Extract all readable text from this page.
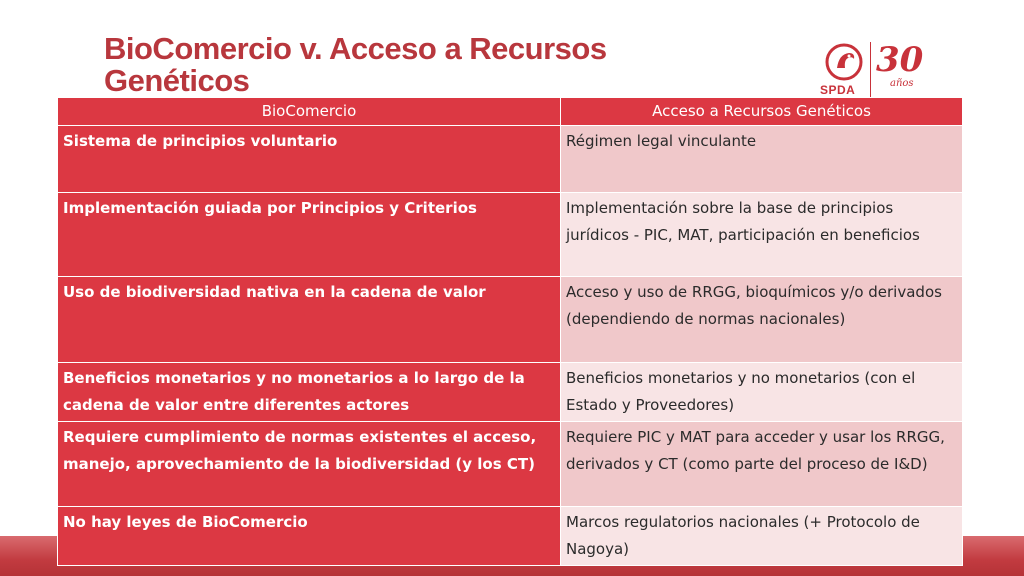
BioComercio v. Acceso a Recursos Genéticos	SPDA
30
años
BioComercio	Acceso a Recursos Genéticos
Sistema de principios voluntario	Régimen legal vinculante
Implementación guiada por Principios y Criterios	Implementación sobre la base de principios jurídicos - PIC, MAT, participación en beneficios
Uso de biodiversidad nativa en la cadena de valor	Acceso y uso de RRGG, bioquímicos y/o derivados (dependiendo de normas nacionales)
Beneficios monetarios y no monetarios a lo largo de la cadena de valor entre diferentes actores	Beneficios monetarios y no monetarios (con el Estado y Proveedores)
Requiere cumplimiento de normas existentes el acceso, manejo, aprovechamiento de la biodiversidad (y los CT)	Requiere PIC y MAT para acceder y usar los RRGG, derivados y CT (como parte del proceso de I&D)
No hay leyes de BioComercio	Marcos regulatorios nacionales (+ Protocolo de Nagoya)
